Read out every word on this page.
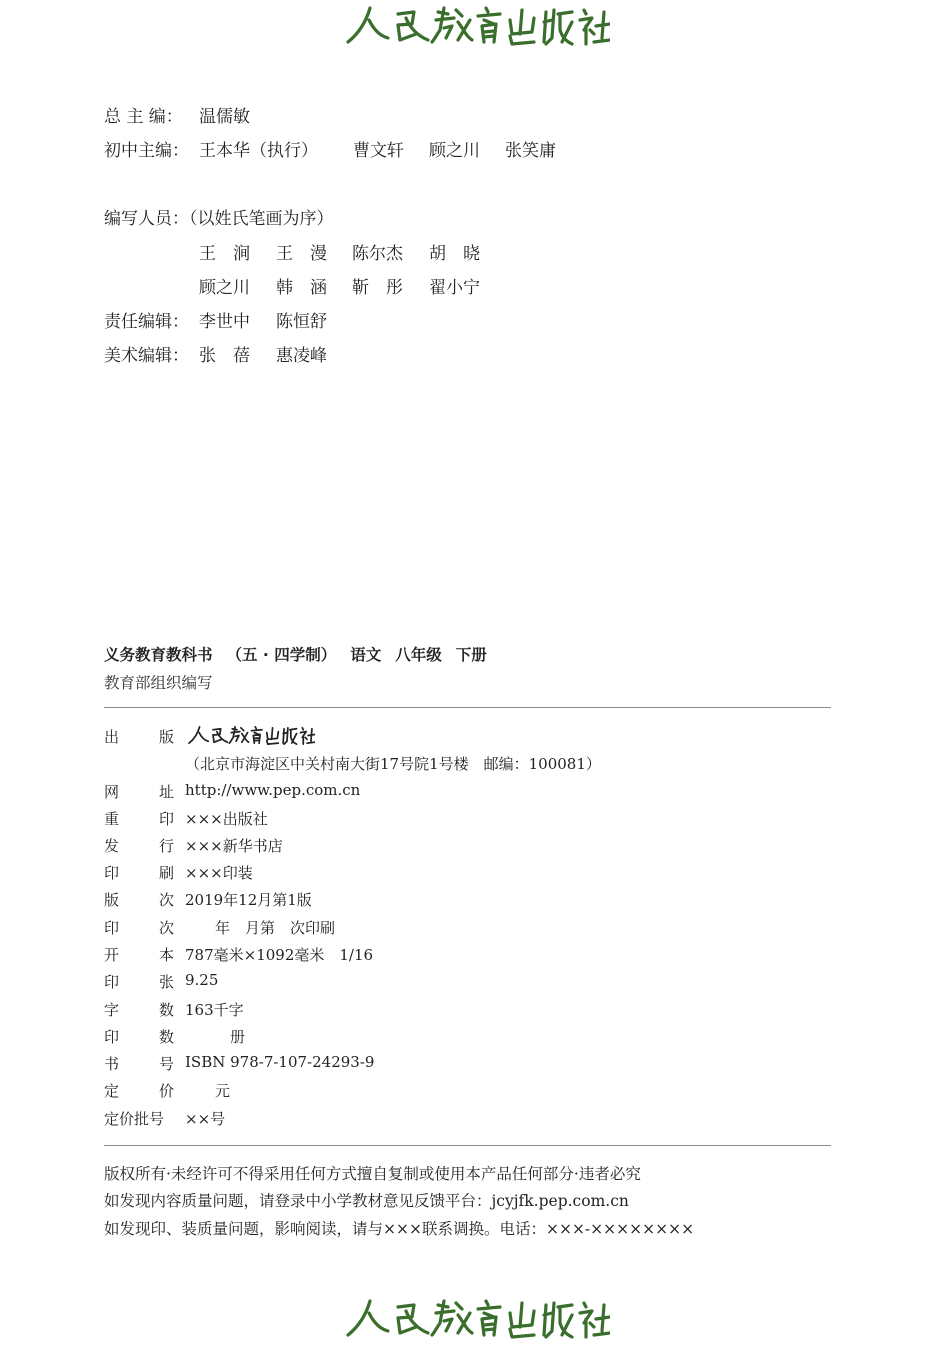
总 主 编： 温儒敏
初中主编： 王本华（执行） 曹文轩 顾之川 张笑庸
编写人员：（以姓氏笔画为序）
王　涧 王　漫 陈尔杰 胡　晓
顾之川 韩　涵 靳　彤 翟小宁
责任编辑： 李世中 陈恒舒
美术编辑： 张　蓓 惠凌峰
义务教育教科书 （五 · 四学制） 语文 八年级 下册
教育部组织编写
出	版
（北京市海淀区中关村南大街17号院1号楼　邮编：100081）
网	址 http://www.pep.com.cn
重	印 ×××出版社
发	行 ×××新华书店
印	刷 ×××印装
版	次 2019年12月第1版
印	次 　　年　月第　次印刷
开	本 787毫米×1092毫米　1/16
印	张 9.25
字	数 163千字
印	数 　　　册
书	号 ISBN 978-7-107-24293-9
定	价 　　元
定价批号 ××号
版权所有·未经许可不得采用任何方式擅自复制或使用本产品任何部分·违者必究
如发现内容质量问题，请登录中小学教材意见反馈平台：jcyjfk.pep.com.cn
如发现印、装质量问题，影响阅读，请与×××联系调换。电话：×××-××××××××
